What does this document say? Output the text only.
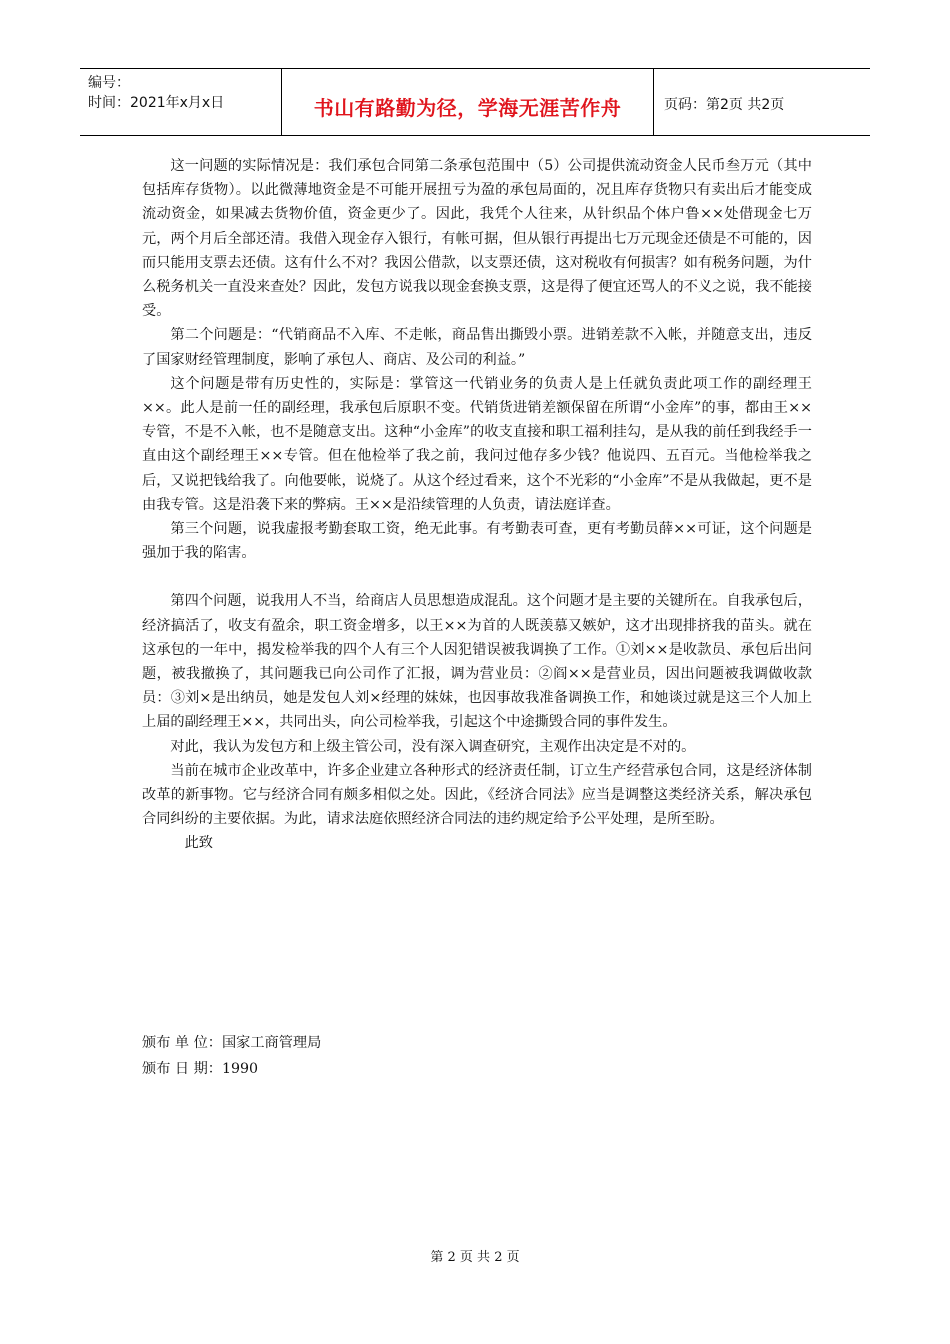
编号：
时间：2021年x月x日	书山有路勤为径，学海无涯苦作舟	页码：第2页 共2页

这一问题的实际情况是：我们承包合同第二条承包范围中（5）公司提供流动资金人民币叁万元（其中包括库存货物）。以此微薄地资金是不可能开展扭亏为盈的承包局面的，况且库存货物只有卖出后才能变成流动资金，如果减去货物价值，资金更少了。因此，我凭个人往来，从针织品个体户鲁××处借现金七万元，两个月后全部还清。我借入现金存入银行，有帐可据，但从银行再提出七万元现金还债是不可能的，因而只能用支票去还债。这有什么不对？我因公借款，以支票还债，这对税收有何损害？如有税务问题，为什么税务机关一直没来查处？因此，发包方说我以现金套换支票，这是得了便宜还骂人的不义之说，我不能接受。

第二个问题是：“代销商品不入库、不走帐，商品售出撕毁小票。进销差款不入帐，并随意支出，违反了国家财经管理制度，影响了承包人、商店、及公司的利益。”

这个问题是带有历史性的，实际是：掌管这一代销业务的负责人是上任就负责此项工作的副经理王××。此人是前一任的副经理，我承包后原职不变。代销货进销差额保留在所谓“小金库”的事，都由王××专管，不是不入帐，也不是随意支出。这种“小金库”的收支直接和职工福利挂勾，是从我的前任到我经手一直由这个副经理王××专管。但在他检举了我之前，我问过他存多少钱？他说四、五百元。当他检举我之后，又说把钱给我了。向他要帐，说烧了。从这个经过看来，这个不光彩的“小金库”不是从我做起，更不是由我专管。这是沿袭下来的弊病。王××是沿续管理的人负责，请法庭详查。

第三个问题，说我虚报考勤套取工资，绝无此事。有考勤表可查，更有考勤员薛××可证，这个问题是强加于我的陷害。

第四个问题，说我用人不当，给商店人员思想造成混乱。这个问题才是主要的关键所在。自我承包后，经济搞活了，收支有盈余，职工资金增多，以王××为首的人既羡慕又嫉妒，这才出现排挤我的苗头。就在这承包的一年中，揭发检举我的四个人有三个人因犯错误被我调换了工作。①刘××是收款员、承包后出问题，被我撤换了，其问题我已向公司作了汇报，调为营业员：②阎××是营业员，因出问题被我调做收款员：③刘×是出纳员，她是发包人刘×经理的妹妹，也因事故我准备调换工作，和她谈过就是这三个人加上上届的副经理王××，共同出头，向公司检举我，引起这个中途撕毁合同的事件发生。

对此，我认为发包方和上级主管公司，没有深入调查研究，主观作出决定是不对的。

当前在城市企业改革中，许多企业建立各种形式的经济责任制，订立生产经营承包合同，这是经济体制改革的新事物。它与经济合同有颇多相似之处。因此，《经济合同法》应当是调整这类经济关系，解决承包合同纠纷的主要依据。为此，请求法庭依照经济合同法的违约规定给予公平处理，是所至盼。

此致

颁布 单 位：国家工商管理局
颁布 日 期：1990
第 2 页 共 2 页
